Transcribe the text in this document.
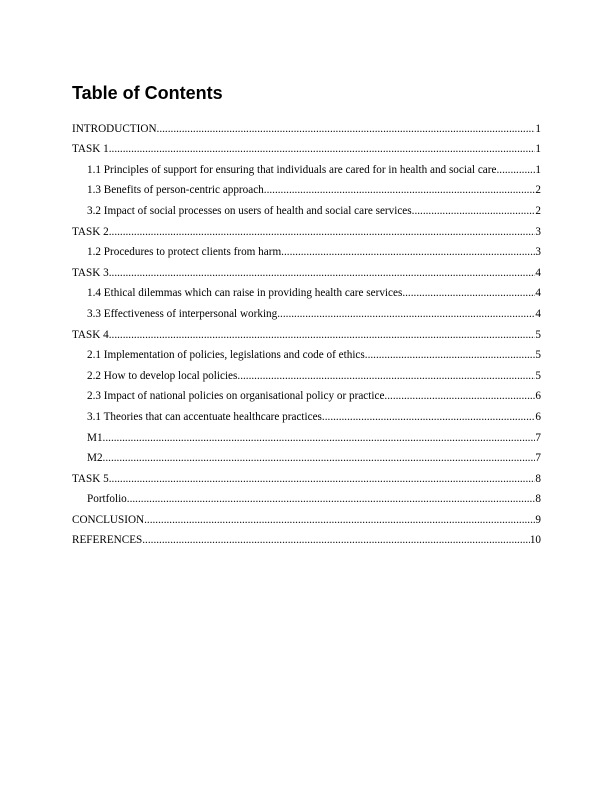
Table of Contents
INTRODUCTION .....	1
TASK 1 .....	1
1.1 Principles of support for ensuring that individuals are cared for in health and social care. .....	1
1.3 Benefits of person-centric approach .....	2
3.2 Impact of social processes on users of health and social care services .....	2
TASK 2 .....	3
1.2 Procedures to protect clients from harm .....	3
TASK 3 .....	4
1.4 Ethical dilemmas which can raise in providing health care services .....	4
3.3 Effectiveness of interpersonal working .....	4
TASK 4 .....	5
2.1 Implementation of policies, legislations and code of ethics .....	5
2.2 How to develop local policies .....	5
2.3 Impact of national policies on organisational policy or practice .....	6
3.1 Theories that can accentuate healthcare practices .....	6
M1 .....	7
M2 .....	7
TASK 5 .....	8
Portfolio .....	8
CONCLUSION .....	9
REFERENCES .....	10
